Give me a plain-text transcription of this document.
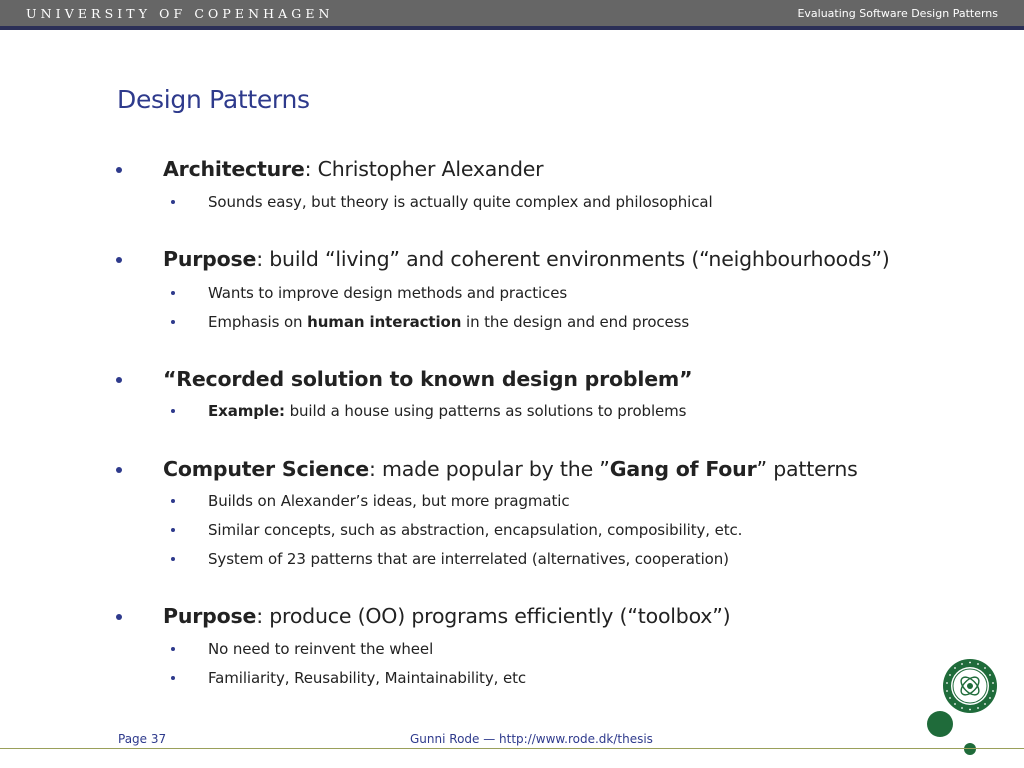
UNIVERSITY OF COPENHAGEN	Evaluating Software Design Patterns
Design Patterns
Architecture: Christopher Alexander
Sounds easy, but theory is actually quite complex and philosophical
Purpose: build “living” and coherent environments (“neighbourhoods”)
Wants to improve design methods and practices
Emphasis on human interaction in the design and end process
“Recorded solution to known design problem”
Example: build a house using patterns as solutions to problems
Computer Science: made popular by the ”Gang of Four” patterns
Builds on Alexander’s ideas, but more pragmatic
Similar concepts, such as abstraction, encapsulation, composibility, etc.
System of 23 patterns that are interrelated (alternatives, cooperation)
Purpose: produce (OO) programs efficiently (“toolbox”)
No need to reinvent the wheel
Familiarity, Reusability, Maintainability, etc
Page 37	Gunni Rode — http://www.rode.dk/thesis
